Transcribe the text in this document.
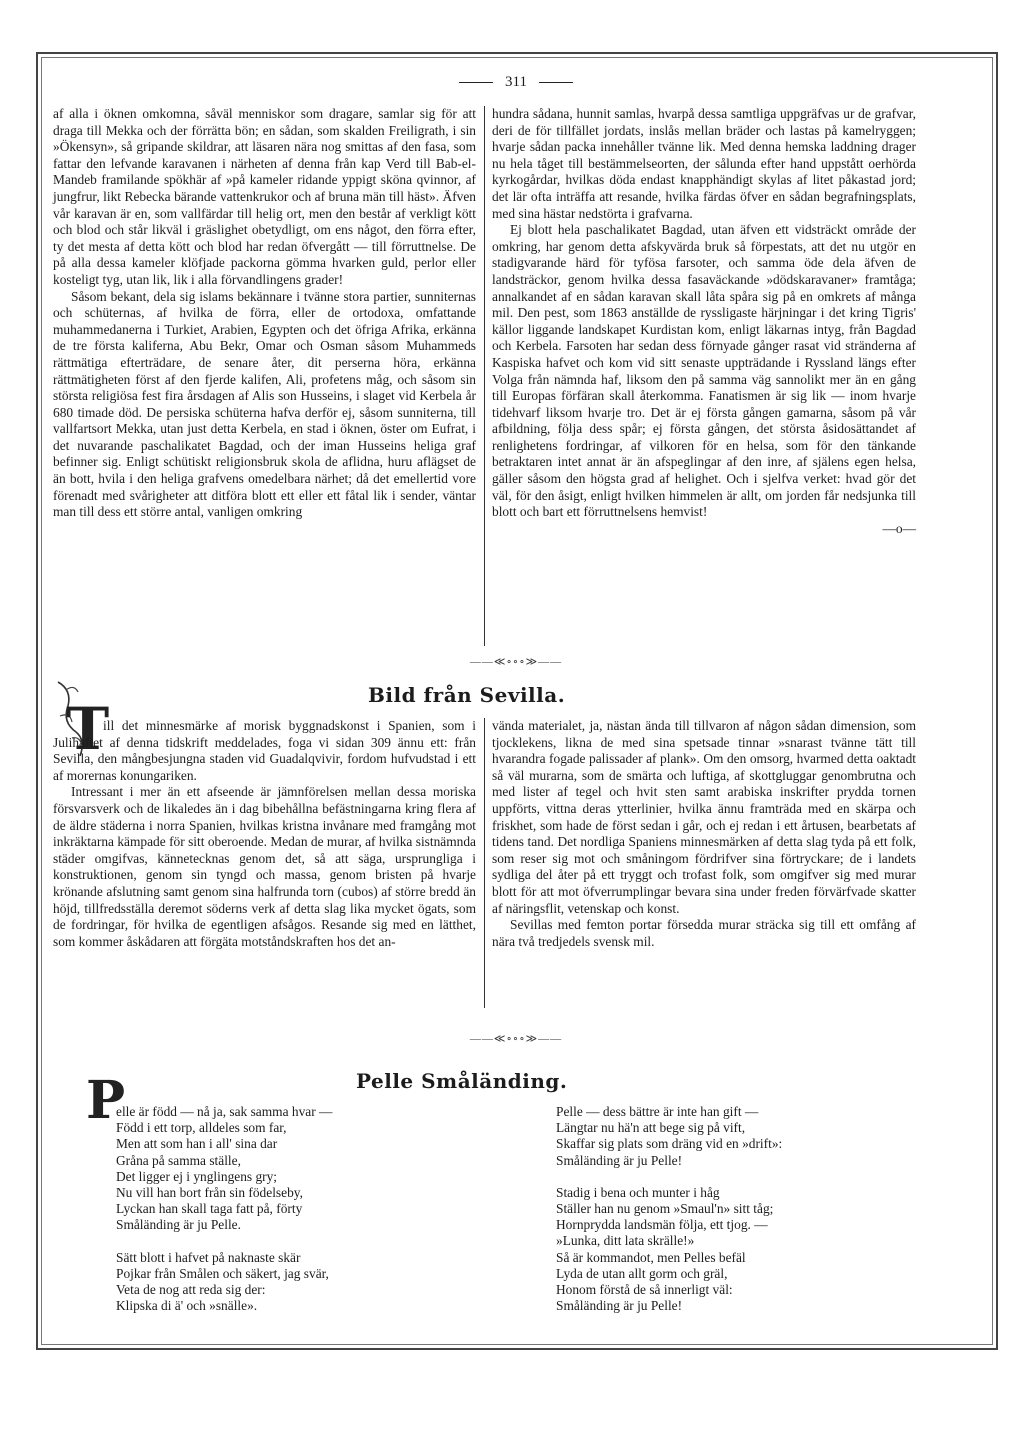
311

af alla i öknen omkomna, såväl menniskor som dragare, samlar sig för att draga till Mekka och der förrätta bön; en sådan, som skalden Freiligrath, i sin »Ökensyn», så gripande skildrar, att läsaren nära nog smittas af den fasa, som fattar den lefvande karavanen i närheten af denna från kap Verd till Bab-el-Mandeb framilande spökhär af »på kameler ridande yppigt sköna qvinnor, af jungfrur, likt Rebecka bärande vattenkrukor och af bruna män till häst». Äfven vår karavan är en, som vallfärdar till helig ort, men den består af verkligt kött och blod och står likväl i gräslighet obetydligt, om ens något, den förra efter, ty det mesta af detta kött och blod har redan öfvergått — till förruttnelse. De på alla dessa kameler klöfjade packorna gömma hvarken guld, perlor eller kosteligt tyg, utan lik, lik i alla förvandlingens grader!

Såsom bekant, dela sig islams bekännare i tvänne stora partier, sunniternas och schüternas, af hvilka de förra, eller de ortodoxa, omfattande muhammedanerna i Turkiet, Arabien, Egypten och det öfriga Afrika, erkänna de tre första kaliferna, Abu Bekr, Omar och Osman såsom Muhammeds rättmätiga efterträdare, de senare åter, dit perserna höra, erkänna rättmätigheten först af den fjerde kalifen, Ali, profetens måg, och såsom sin största religiösa fest fira årsdagen af Alis son Husseins, i slaget vid Kerbela år 680 timade död. De persiska schüterna hafva derför ej, såsom sunniterna, till vallfartsort Mekka, utan just detta Kerbela, en stad i öknen, öster om Eufrat, i det nuvarande paschalikatet Bagdad, och der iman Husseins heliga graf befinner sig. Enligt schütiskt religionsbruk skola de aflidna, huru aflägset de än bott, hvila i den heliga grafvens omedelbara närhet; då det emellertid vore förenadt med svårigheter att ditföra blott ett eller ett fåtal lik i sender, väntar man till dess ett större antal, vanligen omkring

hundra sådana, hunnit samlas, hvarpå dessa samtliga uppgräfvas ur de grafvar, deri de för tillfället jordats, inslås mellan bräder och lastas på kamelryggen; hvarje sådan packa innehåller tvänne lik. Med denna hemska laddning drager nu hela tåget till bestämmelseorten, der sålunda efter hand uppstått oerhörda kyrkogårdar, hvilkas döda endast knapphändigt skylas af litet påkastad jord; det lär ofta inträffa att resande, hvilka färdas öfver en sådan begrafningsplats, med sina hästar nedstörta i grafvarna.

Ej blott hela paschalikatet Bagdad, utan äfven ett vidsträckt område der omkring, har genom detta afskyvärda bruk så förpestats, att det nu utgör en stadigvarande härd för tyfösa farsoter, och samma öde dela äfven de landsträckor, genom hvilka dessa fasaväckande »dödskaravaner» framtåga; annalkandet af en sådan karavan skall låta spåra sig på en omkrets af många mil. Den pest, som 1863 anställde de ryssligaste härjningar i det kring Tigris' källor liggande landskapet Kurdistan kom, enligt läkarnas intyg, från Bagdad och Kerbela. Farsoten har sedan dess förnyade gånger rasat vid stränderna af Kaspiska hafvet och kom vid sitt senaste uppträdande i Ryssland längs efter Volga från nämnda haf, liksom den på samma väg sannolikt mer än en gång till Europas förfäran skall återkomma. Fanatismen är sig lik — inom hvarje tidehvarf liksom hvarje tro. Det är ej första gången gamarna, såsom på vår afbildning, följa dess spår; ej första gången, det största åsidosättandet af renlighetens fordringar, af vilkoren för en helsa, som för den tänkande betraktaren intet annat är än afspeglingar af den inre, af själens egen helsa, gäller såsom den högsta grad af helighet. Och i sjelfva verket: hvad gör det väl, för den åsigt, enligt hvilken himmelen är allt, om jorden får nedsjunka till blott och bart ett förruttnelsens hemvist!

—o—
——≪∘∘∘≫——
Bild från Sevilla.
T

ill det minnesmärke af morisk byggnadskonst i Spanien, som i Julihäftet af denna tidskrift meddelades, foga vi sidan 309 ännu ett: från Sevilla, den mångbesjungna staden vid Guadalqvivir, fordom hufvudstad i ett af morernas konungariken.

Intressant i mer än ett afseende är jämnförelsen mellan dessa moriska försvarsverk och de likaledes än i dag bibehållna befästningarna kring flera af de äldre städerna i norra Spanien, hvilkas kristna invånare med framgång mot inkräktarna kämpade för sitt oberoende. Medan de murar, af hvilka sistnämnda städer omgifvas, kännetecknas genom det, så att säga, ursprungliga i konstruktionen, genom sin tyngd och massa, genom bristen på hvarje krönande afslutning samt genom sina halfrunda torn (cubos) af större bredd än höjd, tillfredsställa deremot söderns verk af detta slag lika mycket ögats, som de fordringar, för hvilka de egentligen afsågos. Resande sig med en lätthet, som kommer åskådaren att förgäta motståndskraften hos det an-

vända materialet, ja, nästan ända till tillvaron af någon sådan dimension, som tjocklekens, likna de med sina spetsade tinnar »snarast tvänne tätt till hvarandra fogade palissader af plank». Om den omsorg, hvarmed detta oaktadt så väl murarna, som de smärta och luftiga, af skottgluggar genombrutna och med lister af tegel och hvit sten samt arabiska inskrifter prydda tornen uppförts, vittna deras ytterlinier, hvilka ännu framträda med en skärpa och friskhet, som hade de först sedan i går, och ej redan i ett årtusen, bearbetats af tidens tand. Det nordliga Spaniens minnesmärken af detta slag tyda på ett folk, som reser sig mot och småningom fördrifver sina förtryckare; de i landets sydliga del åter på ett tryggt och trofast folk, som omgifver sig med murar blott för att mot öfverrumplingar bevara sina under freden förvärfvade skatter af näringsflit, vetenskap och konst.

Sevillas med femton portar försedda murar sträcka sig till ett omfång af nära två tredjedels svensk mil.

——≪∘∘∘≫——
Pelle Småländing.
P
elle är född — nå ja, sak samma hvar —
Född i ett torp, alldeles som far,
Men att som han i all' sina dar
Gråna på samma ställe,
Det ligger ej i ynglingens gry;
Nu vill han bort från sin födelseby,
Lyckan han skall taga fatt på, förty
Småländing är ju Pelle.
Sätt blott i hafvet på naknaste skär
Pojkar från Smålen och säkert, jag svär,
Veta de nog att reda sig der:
Klipska di ä' och »snälle».
Pelle — dess bättre är inte han gift —
Längtar nu hä'n att bege sig på vift,
Skaffar sig plats som dräng vid en »drift»:
Småländing är ju Pelle!
Stadig i bena och munter i håg
Ställer han nu genom »Smaul'n» sitt tåg;
Hornprydda landsmän följa, ett tjog. —
»Lunka, ditt lata skrälle!»
Så är kommandot, men Pelles befäl
Lyda de utan allt gorm och gräl,
Honom förstå de så innerligt väl:
Småländing är ju Pelle!
